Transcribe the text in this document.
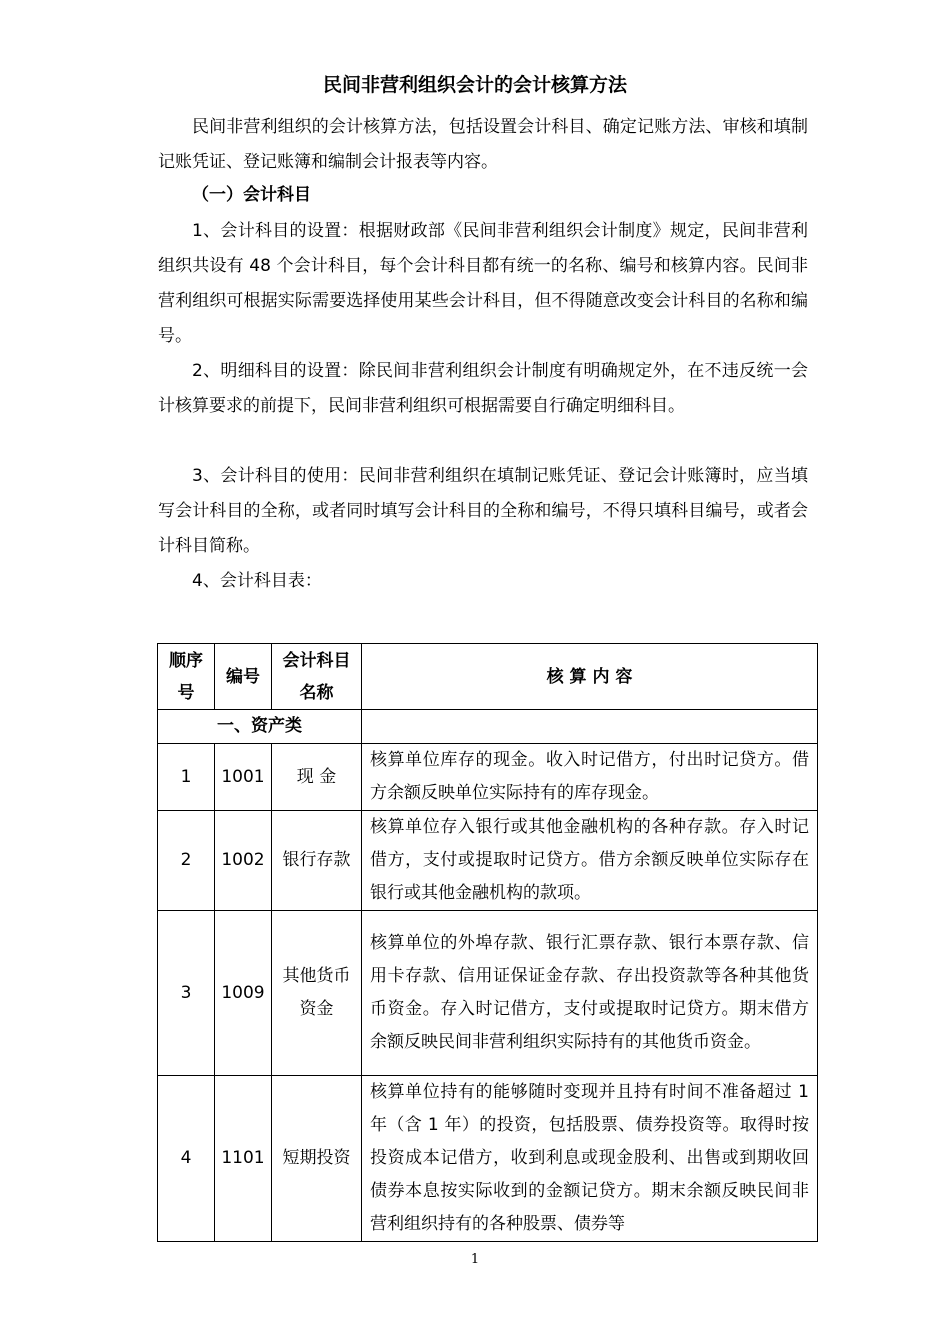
民间非营利组织会计的会计核算方法
民间非营利组织的会计核算方法，包括设置会计科目、确定记账方法、审核和填制记账凭证、登记账簿和编制会计报表等内容。
（一）会计科目
1、会计科目的设置：根据财政部《民间非营利组织会计制度》规定，民间非营利组织共设有 48 个会计科目，每个会计科目都有统一的名称、编号和核算内容。民间非营利组织可根据实际需要选择使用某些会计科目，但不得随意改变会计科目的名称和编号。
2、明细科目的设置：除民间非营利组织会计制度有明确规定外，在不违反统一会计核算要求的前提下，民间非营利组织可根据需要自行确定明细科目。
3、会计科目的使用：民间非营利组织在填制记账凭证、登记会计账簿时，应当填写会计科目的全称，或者同时填写会计科目的全称和编号，不得只填科目编号，或者会计科目简称。
4、会计科目表：
顺序号	编号	会计科目名称	核 算 内 容
一、资产类			
1	1001	现 金	核算单位库存的现金。收入时记借方，付出时记贷方。借方余额反映单位实际持有的库存现金。
2	1002	银行存款	核算单位存入银行或其他金融机构的各种存款。存入时记借方，支付或提取时记贷方。借方余额反映单位实际存在银行或其他金融机构的款项。
3	1009	其他货币资金	核算单位的外埠存款、银行汇票存款、银行本票存款、信用卡存款、信用证保证金存款、存出投资款等各种其他货币资金。存入时记借方，支付或提取时记贷方。期末借方余额反映民间非营利组织实际持有的其他货币资金。
4	1101	短期投资	核算单位持有的能够随时变现并且持有时间不准备超过 1 年（含 1 年）的投资，包括股票、债券投资等。取得时按投资成本记借方，收到利息或现金股利、出售或到期收回债券本息按实际收到的金额记贷方。期末余额反映民间非营利组织持有的各种股票、债券等
1
